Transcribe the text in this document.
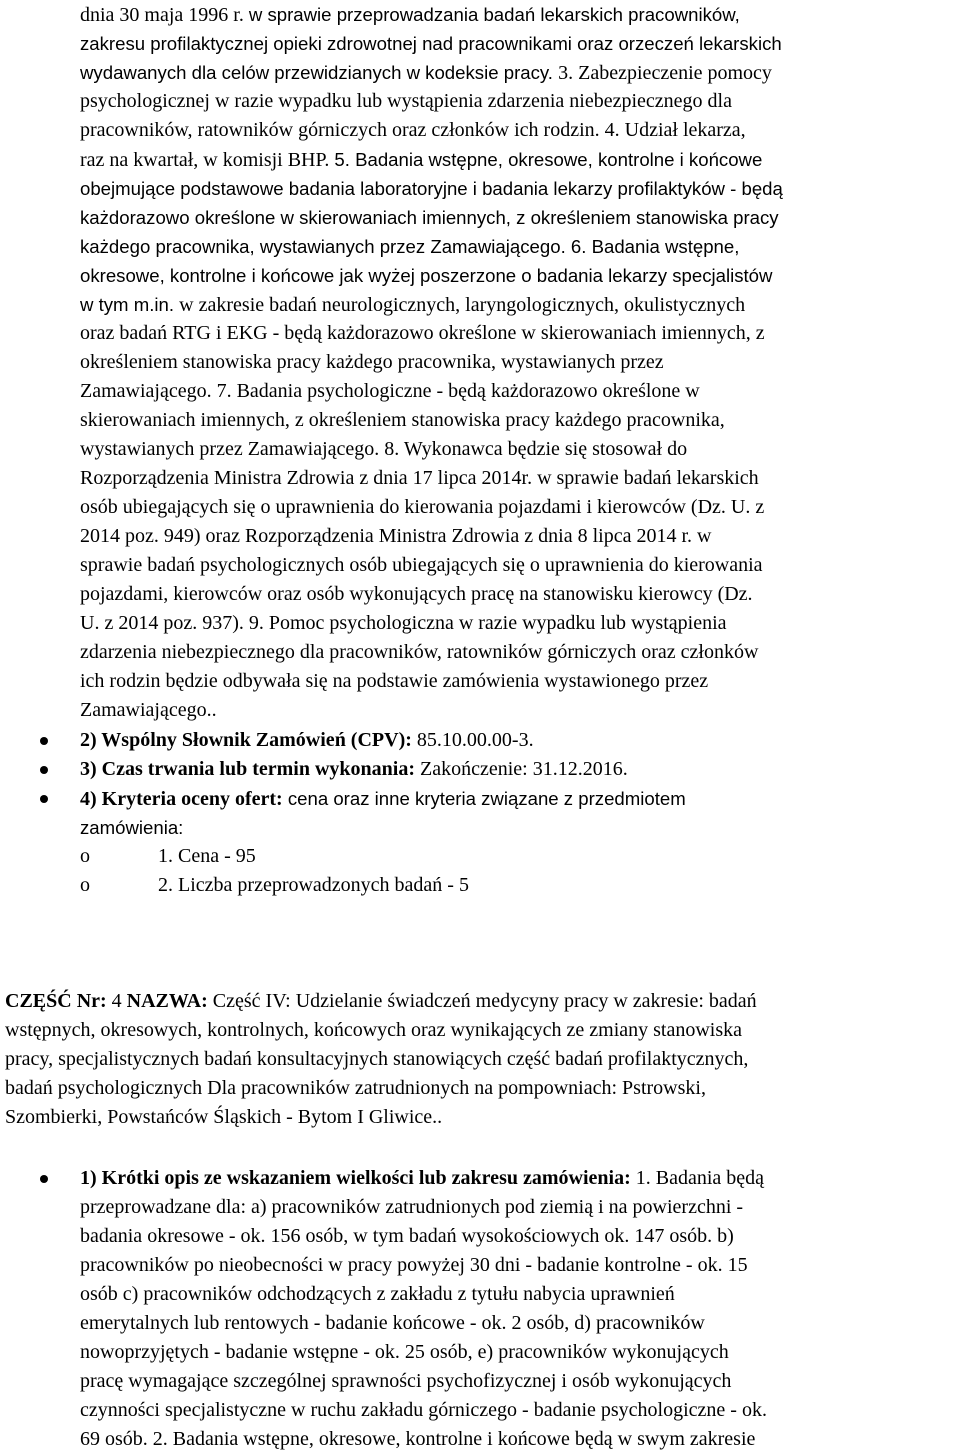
dnia 30 maja 1996 r. w sprawie przeprowadzania badań lekarskich pracowników,
zakresu profilaktycznej opieki zdrowotnej nad pracownikami oraz orzeczeń lekarskich
wydawanych dla celów przewidzianych w kodeksie pracy. 3. Zabezpieczenie pomocy
psychologicznej w razie wypadku lub wystąpienia zdarzenia niebezpiecznego dla
pracowników, ratowników górniczych oraz członków ich rodzin. 4. Udział lekarza,
raz na kwartał, w komisji BHP. 5. Badania wstępne, okresowe, kontrolne i końcowe
obejmujące podstawowe badania laboratoryjne i badania lekarzy profilaktyków - będą
każdorazowo określone w skierowaniach imiennych, z określeniem stanowiska pracy
każdego pracownika, wystawianych przez Zamawiającego. 6. Badania wstępne,
okresowe, kontrolne i końcowe jak wyżej poszerzone o badania lekarzy specjalistów
w tym m.in. w zakresie badań neurologicznych, laryngologicznych, okulistycznych
oraz badań RTG i EKG - będą każdorazowo określone w skierowaniach imiennych, z
określeniem stanowiska pracy każdego pracownika, wystawianych przez
Zamawiającego. 7. Badania psychologiczne - będą każdorazowo określone w
skierowaniach imiennych, z określeniem stanowiska pracy każdego pracownika,
wystawianych przez Zamawiającego. 8. Wykonawca będzie się stosował do
Rozporządzenia Ministra Zdrowia z dnia 17 lipca 2014r. w sprawie badań lekarskich
osób ubiegających się o uprawnienia do kierowania pojazdami i kierowców (Dz. U. z
2014 poz. 949) oraz Rozporządzenia Ministra Zdrowia z dnia 8 lipca 2014 r. w
sprawie badań psychologicznych osób ubiegających się o uprawnienia do kierowania
pojazdami, kierowców oraz osób wykonujących pracę na stanowisku kierowcy (Dz.
U. z 2014 poz. 937). 9. Pomoc psychologiczna w razie wypadku lub wystąpienia
zdarzenia niebezpiecznego dla pracowników, ratowników górniczych oraz członków
ich rodzin będzie odbywała się na podstawie zamówienia wystawionego przez
Zamawiającego..
2) Wspólny Słownik Zamówień (CPV): 85.10.00.00-3.
3) Czas trwania lub termin wykonania: Zakończenie: 31.12.2016.
4) Kryteria oceny ofert: cena oraz inne kryteria związane z przedmiotem
zamówienia:
o	1. Cena - 95
o	2. Liczba przeprowadzonych badań - 5
CZĘŚĆ Nr: 4 NAZWA: Część IV: Udzielanie świadczeń medycyny pracy w zakresie: badań
wstępnych, okresowych, kontrolnych, końcowych oraz wynikających ze zmiany stanowiska
pracy, specjalistycznych badań konsultacyjnych stanowiących część badań profilaktycznych,
badań psychologicznych Dla pracowników zatrudnionych na pompowniach: Pstrowski,
Szombierki, Powstańców Śląskich - Bytom I Gliwice..
1) Krótki opis ze wskazaniem wielkości lub zakresu zamówienia: 1. Badania będą
przeprowadzane dla: a) pracowników zatrudnionych pod ziemią i na powierzchni -
badania okresowe - ok. 156 osób, w tym badań wysokościowych ok. 147 osób. b)
pracowników po nieobecności w pracy powyżej 30 dni - badanie kontrolne - ok. 15
osób c) pracowników odchodzących z zakładu z tytułu nabycia uprawnień
emerytalnych lub rentowych - badanie końcowe - ok. 2 osób, d) pracowników
nowoprzyjętych - badanie wstępne - ok. 25 osób, e) pracowników wykonujących
pracę wymagające szczególnej sprawności psychofizycznej i osób wykonujących
czynności specjalistyczne w ruchu zakładu górniczego - badanie psychologiczne - ok.
69 osób. 2. Badania wstępne, okresowe, kontrolne i końcowe będą w swym zakresie
